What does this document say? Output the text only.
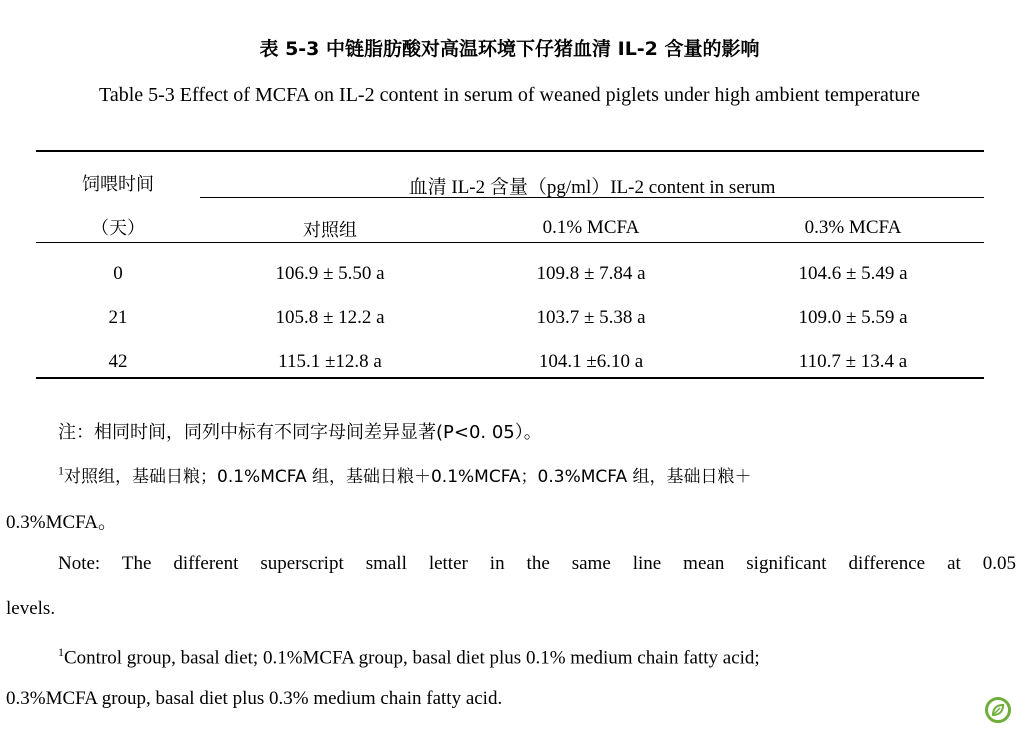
表 5-3 中链脂肪酸对高温环境下仔猪血清 IL-2 含量的影响
Table 5-3 Effect of MCFA on IL-2 content in serum of weaned piglets under high ambient temperature
饲喂时间
（天）
血清 IL-2 含量（pg/ml）IL-2 content in serum
对照组	0.1% MCFA	0.3% MCFA
0	106.9 ± 5.50 a	109.8 ± 7.84 a	104.6 ± 5.49 a
21	105.8 ± 12.2 a	103.7 ± 5.38 a	109.0 ± 5.59 a
42	115.1 ±12.8 a	104.1 ±6.10 a	110.7 ± 13.4 a
注：相同时间，同列中标有不同字母间差异显著(P<0. 05）。
$^1$对照组，基础日粮；0.1%MCFA 组，基础日粮＋0.1%MCFA；0.3%MCFA 组，基础日粮＋
0.3%MCFA。
Note: The different superscript small letter in the same line mean significant difference at 0.05
levels.
$^1$Control group, basal diet; 0.1%MCFA group, basal diet plus 0.1% medium chain fatty acid;
0.3%MCFA group, basal diet plus 0.3% medium chain fatty acid.
